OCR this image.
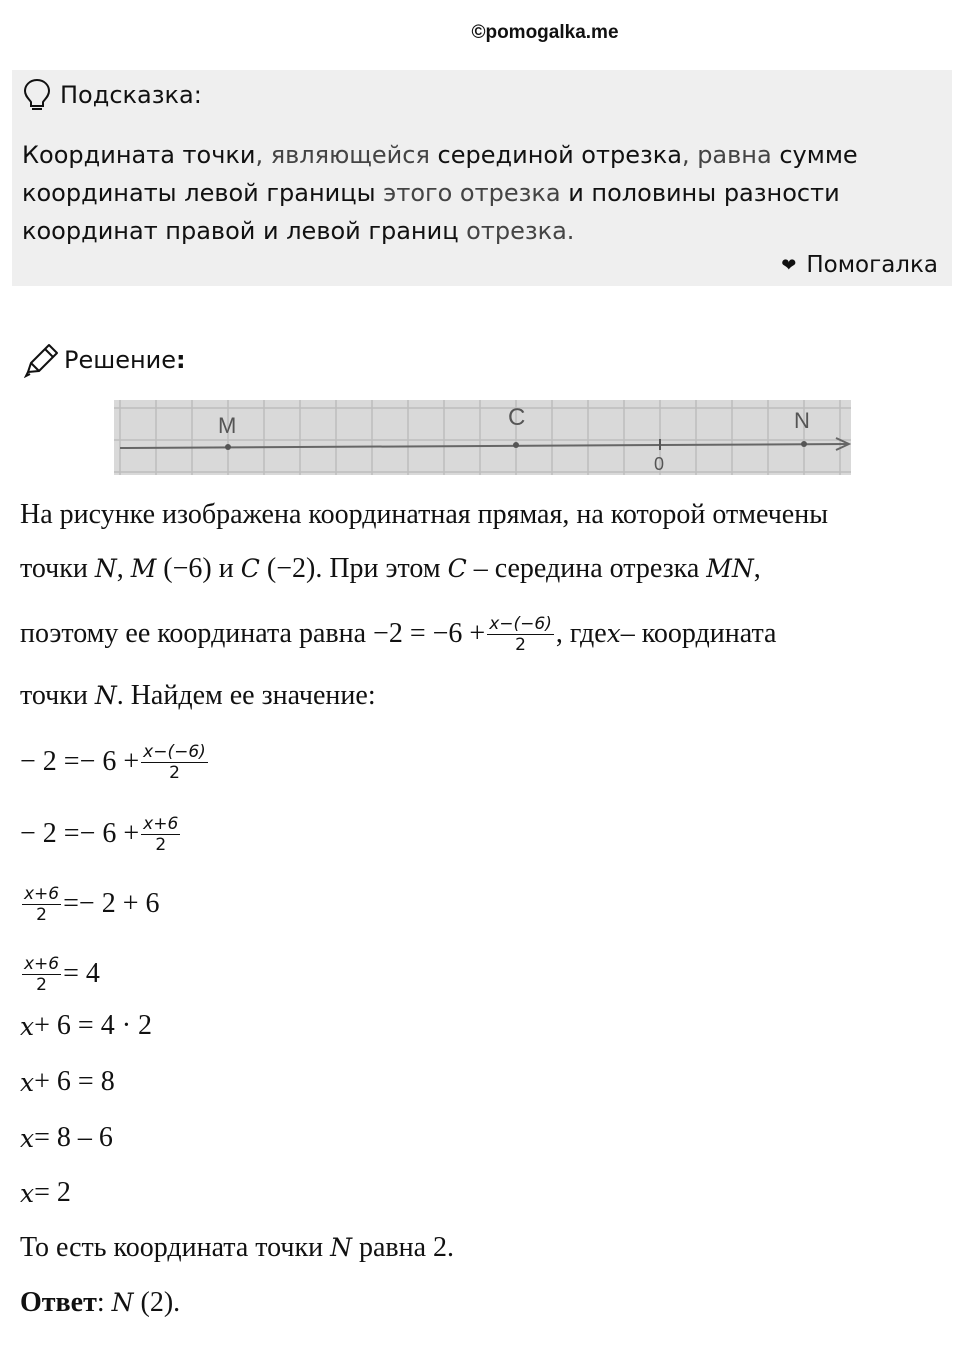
©pomogalka.me
Подсказка:
Координата точки, являющейся серединой отрезка, равна сумме координаты левой границы этого отрезка и половины разности координат правой и левой границ отрезка.
❤ Помогалка
Решение :
M	C
0
N
На рисунке изображена координатная прямая, на которой отмечены
точки N, M (−6) и C (−2). При этом C – середина отрезка MN,
поэтому ее координата равна $-2 = -6 + \frac{x-(-6)}{2}$ , где x – координата
точки N. Найдем ее значение:
− $2 =- 6 + \frac{x-(-6)}{2}$
− $2 =- 6 + \frac{x+6}{2}$
$\frac{x+6}{2} =- 2 + 6$
$\frac{x+6}{2} = 4$
x + 6 = 4 · 2
x + 6 = 8
x = 8 – 6
x = 2
То есть координата точки N равна 2.
Ответ: N (2).
